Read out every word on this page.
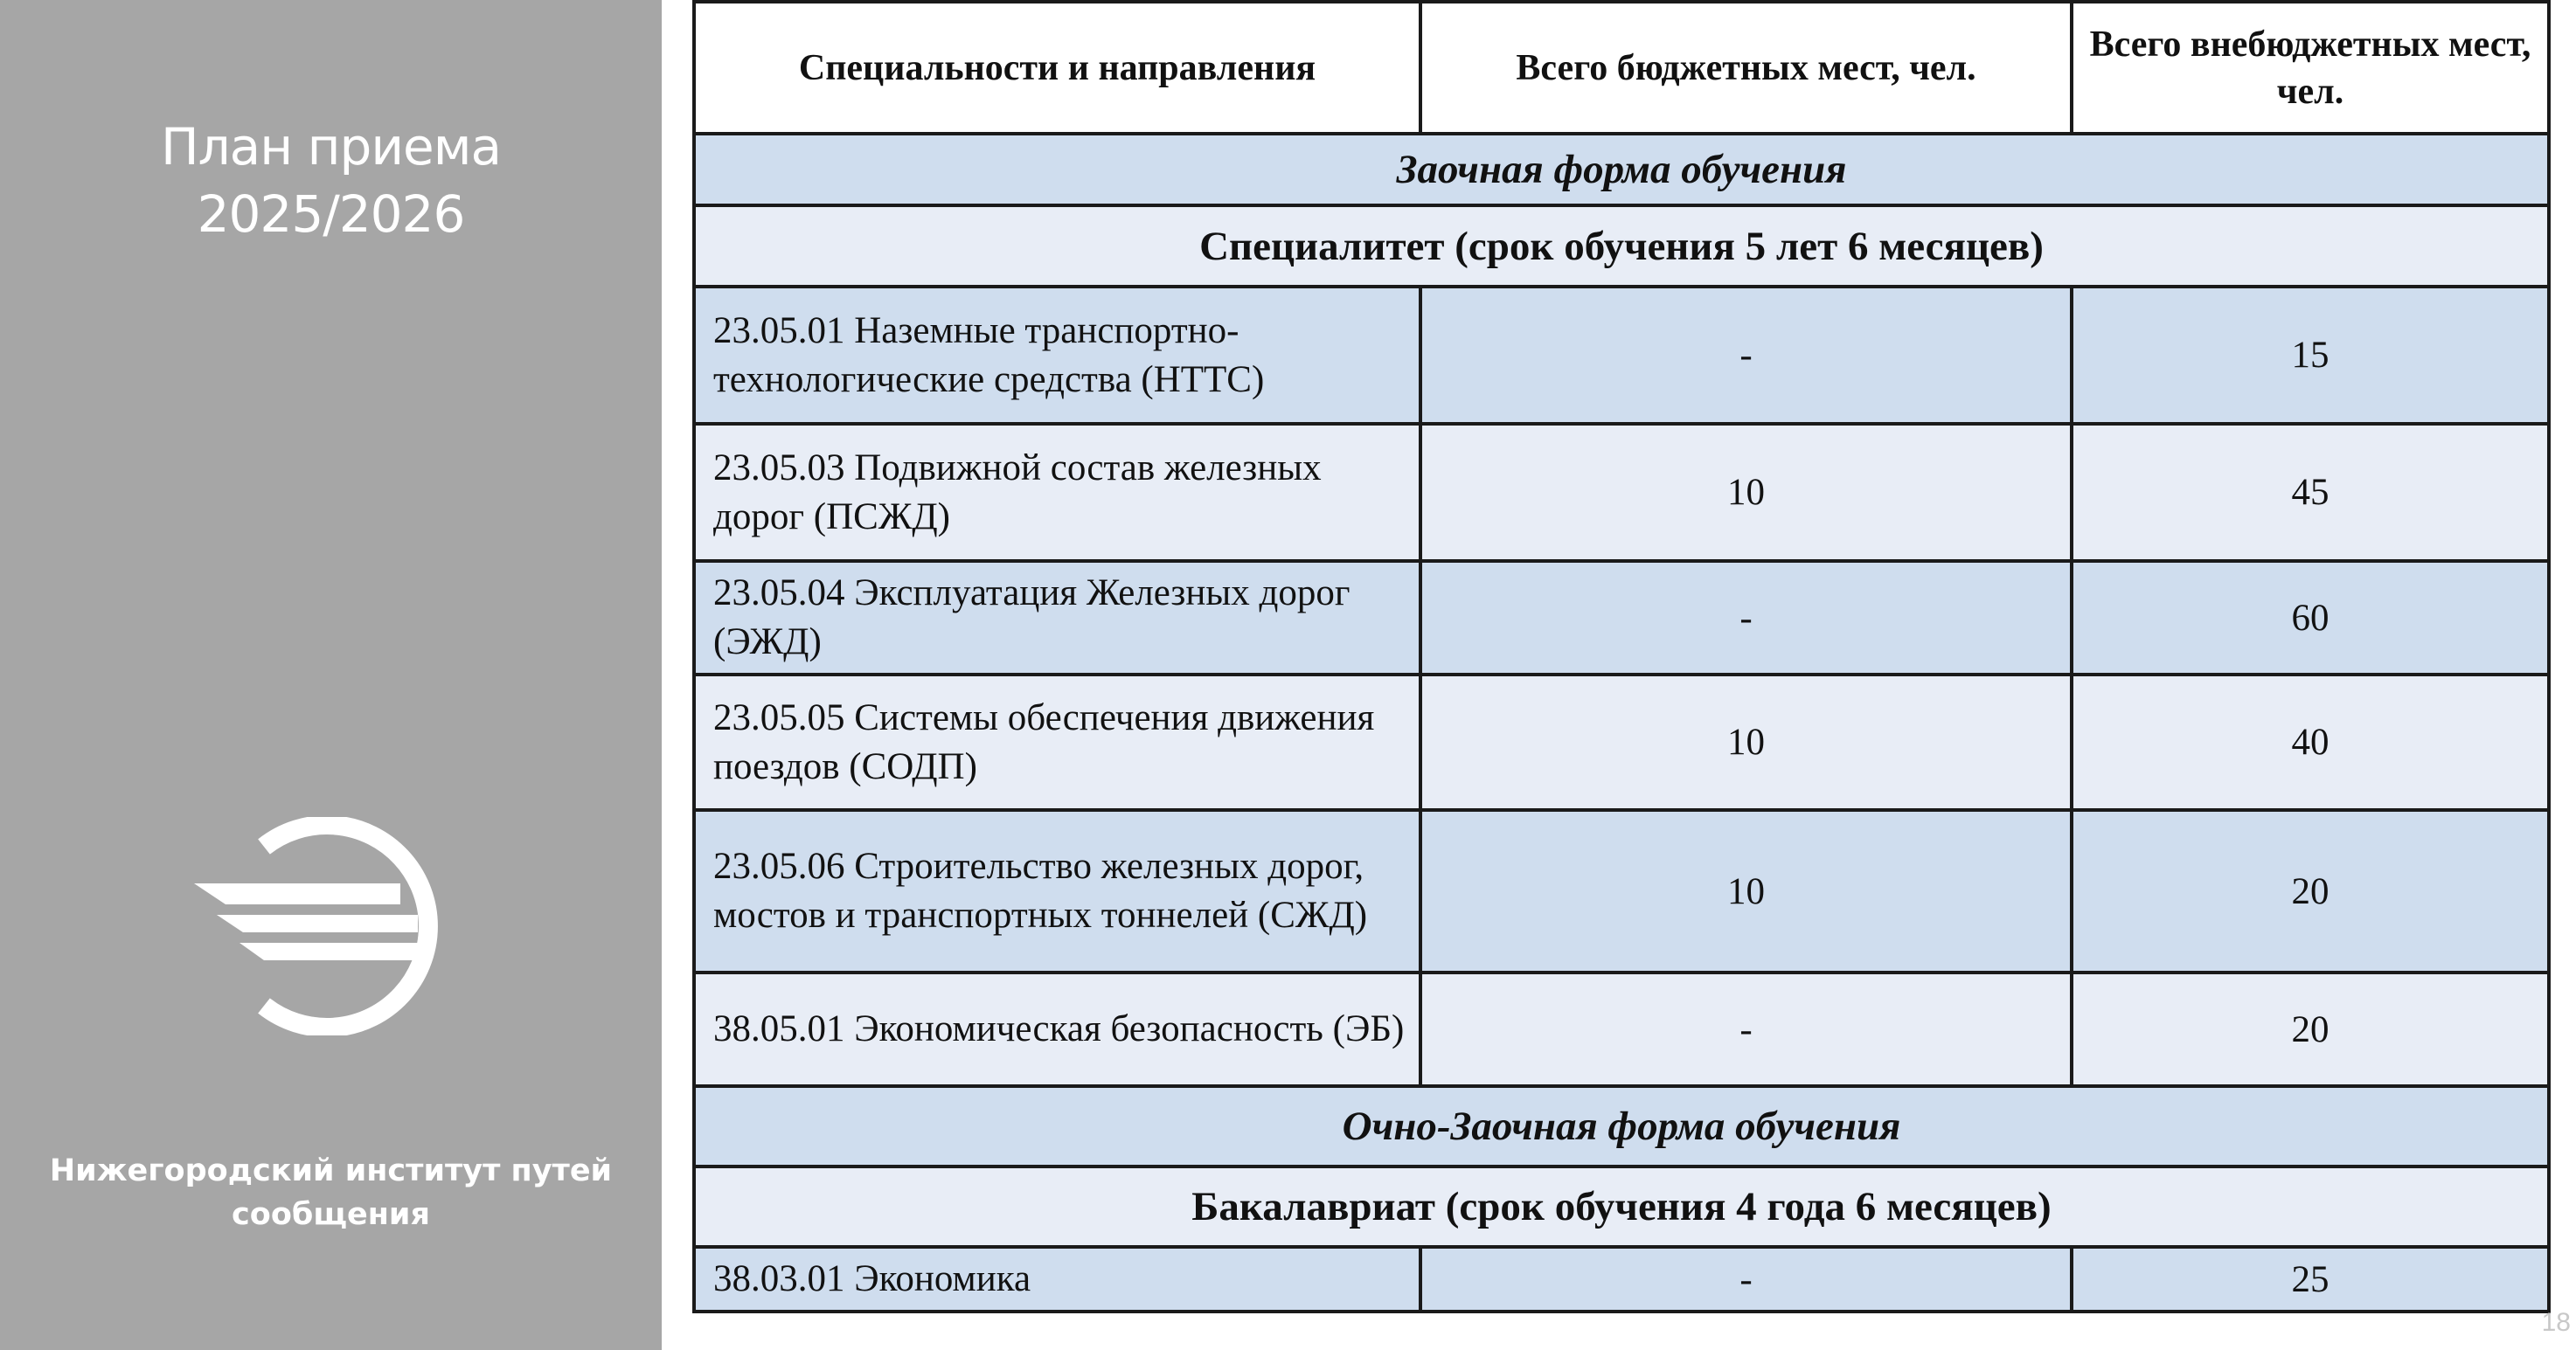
План приема
2025/2026
Нижегородский институт путей
сообщения
Специальности и направления	Всего бюджетных мест, чел.	Всего внебюджетных мест, чел.
Заочная форма обучения		
Специалитет (срок обучения 5 лет 6 месяцев)		
23.05.01 Наземные транспортно-технологические средства (НТТС)	-	15
23.05.03 Подвижной состав железных дорог (ПСЖД)	10	45
23.05.04 Эксплуатация Железных дорог (ЭЖД)	-	60
23.05.05 Системы обеспечения движения поездов (СОДП)	10	40
23.05.06 Строительство железных дорог, мостов и транспортных тоннелей (СЖД)	10	20
38.05.01 Экономическая безопасность (ЭБ)	-	20
Очно-Заочная форма обучения		
Бакалавриат (срок обучения 4 года 6 месяцев)		
38.03.01 Экономика	-	25
18
